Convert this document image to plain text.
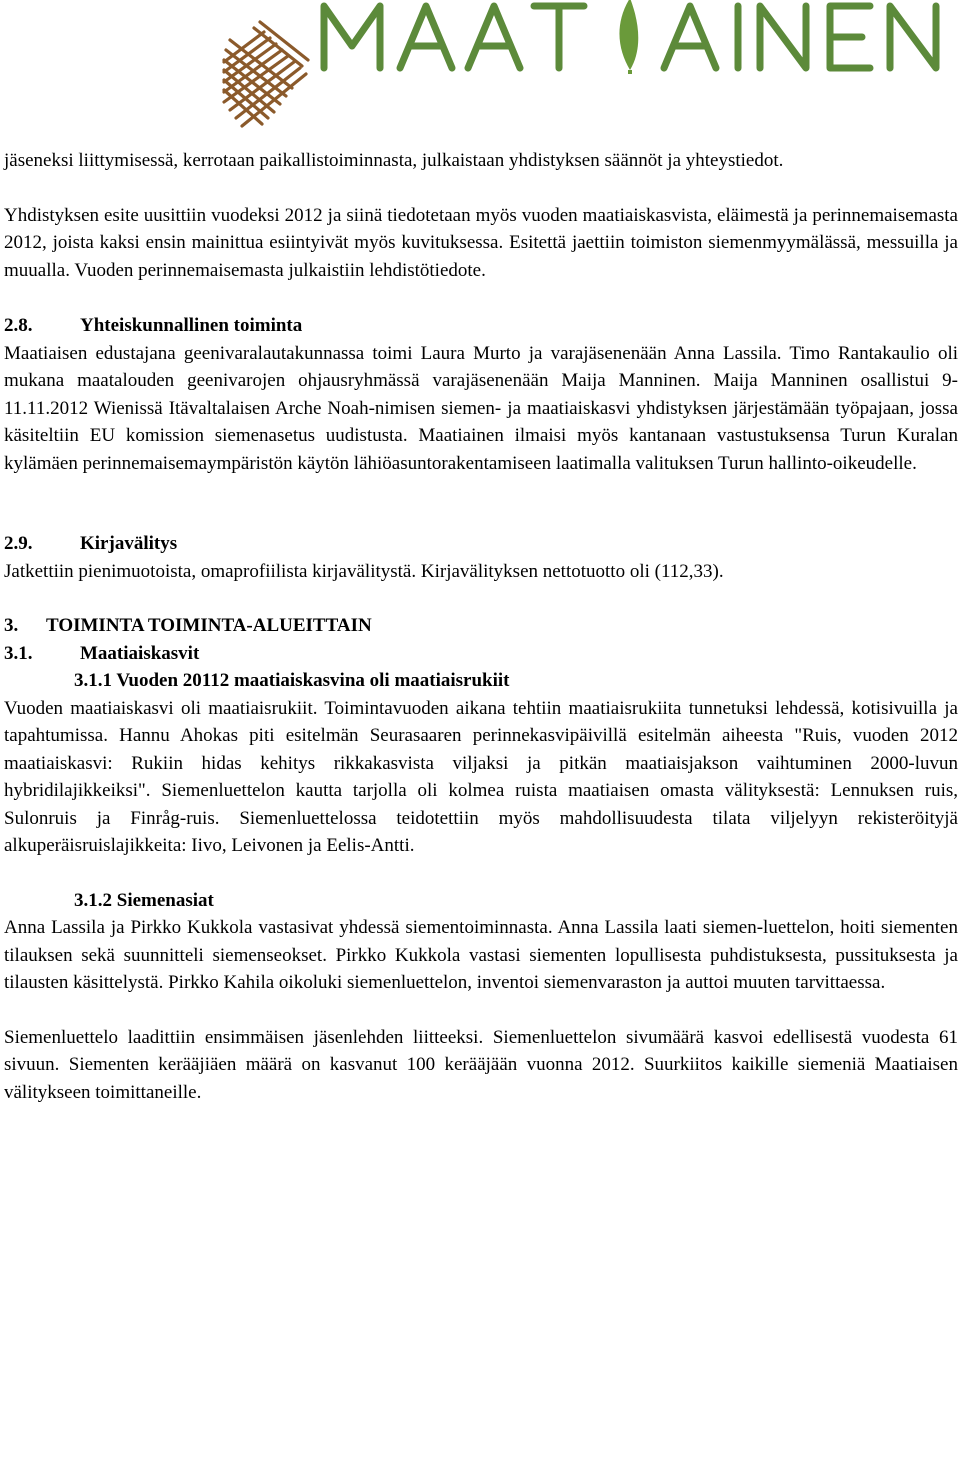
jäseneksi liittymisessä, kerrotaan paikallistoiminnasta, julkaistaan yhdistyksen säännöt ja yhteystiedot.

Yhdistyksen esite uusittiin vuodeksi 2012 ja siinä tiedotetaan myös vuoden maatiaiskasvista, eläimestä ja perinnemaisemasta 2012, joista kaksi ensin mainittua esiintyivät myös kuvituksessa. Esitettä jaettiin toimiston siemenmyymälässä, messuilla ja muualla. Vuoden perinnemaisemasta julkaistiin lehdistötiedote.

2.8.	Yhteiskunnallinen toiminta

Maatiaisen edustajana geenivaralautakunnassa toimi Laura Murto ja varajäsenenään Anna Lassila. Timo Rantakaulio oli mukana maatalouden geenivarojen ohjausryhmässä varajäsenenään Maija Manninen. Maija Manninen osallistui 9-11.11.2012 Wienissä Itävaltalaisen Arche Noah-nimisen siemen- ja maatiaiskasvi yhdistyksen järjestämään työpajaan, jossa käsiteltiin EU komission siemenasetus uudistusta. Maatiainen ilmaisi myös kantanaan vastustuksensa Turun Kuralan kylämäen perinnemaisemaympäristön käytön lähiöasuntorakentamiseen laatimalla valituksen Turun hallinto-oikeudelle.

2.9.	Kirjavälitys

Jatkettiin pienimuotoista, omaprofiilista kirjavälitystä. Kirjavälityksen nettotuotto oli (112,33).

3.	TOIMINTA TOIMINTA-ALUEITTAIN
3.1.	Maatiaiskasvit

3.1.1 Vuoden 20112 maatiaiskasvina oli maatiaisrukiit

Vuoden maatiaiskasvi oli maatiaisrukiit. Toimintavuoden aikana tehtiin maatiaisrukiita tunnetuksi lehdessä, kotisivuilla ja tapahtumissa. Hannu Ahokas piti esitelmän Seurasaaren perinnekasvipäivillä esitelmän aiheesta "Ruis, vuoden 2012 maatiaiskasvi: Rukiin hidas kehitys rikkakasvista viljaksi ja pitkän maatiaisjakson vaihtuminen 2000-luvun hybridilajikkeiksi". Siemenluettelon kautta tarjolla oli kolmea ruista maatiaisen omasta välityksestä: Lennuksen ruis, Sulonruis ja Finråg-ruis. Siemenluettelossa teidotettiin myös mahdollisuudesta tilata viljelyyn rekisteröityjä alkuperäisruislajikkeita: Iivo, Leivonen ja Eelis-Antti.

3.1.2 Siemenasiat

Anna Lassila ja Pirkko Kukkola vastasivat yhdessä siementoiminnasta. Anna Lassila laati siemen-luettelon, hoiti siementen tilauksen sekä suunnitteli siemenseokset. Pirkko Kukkola vastasi siementen lopullisesta puhdistuksesta, pussituksesta ja tilausten käsittelystä. Pirkko Kahila oikoluki siemenluettelon, inventoi siemenvaraston ja auttoi muuten tarvittaessa.

Siemenluettelo laadittiin ensimmäisen jäsenlehden liitteeksi. Siemenluettelon sivumäärä kasvoi edellisestä vuodesta 61 sivuun. Siementen kerääjiäen määrä on kasvanut 100 kerääjään vuonna 2012. Suurkiitos kaikille siemeniä Maatiaisen välitykseen toimittaneille.
